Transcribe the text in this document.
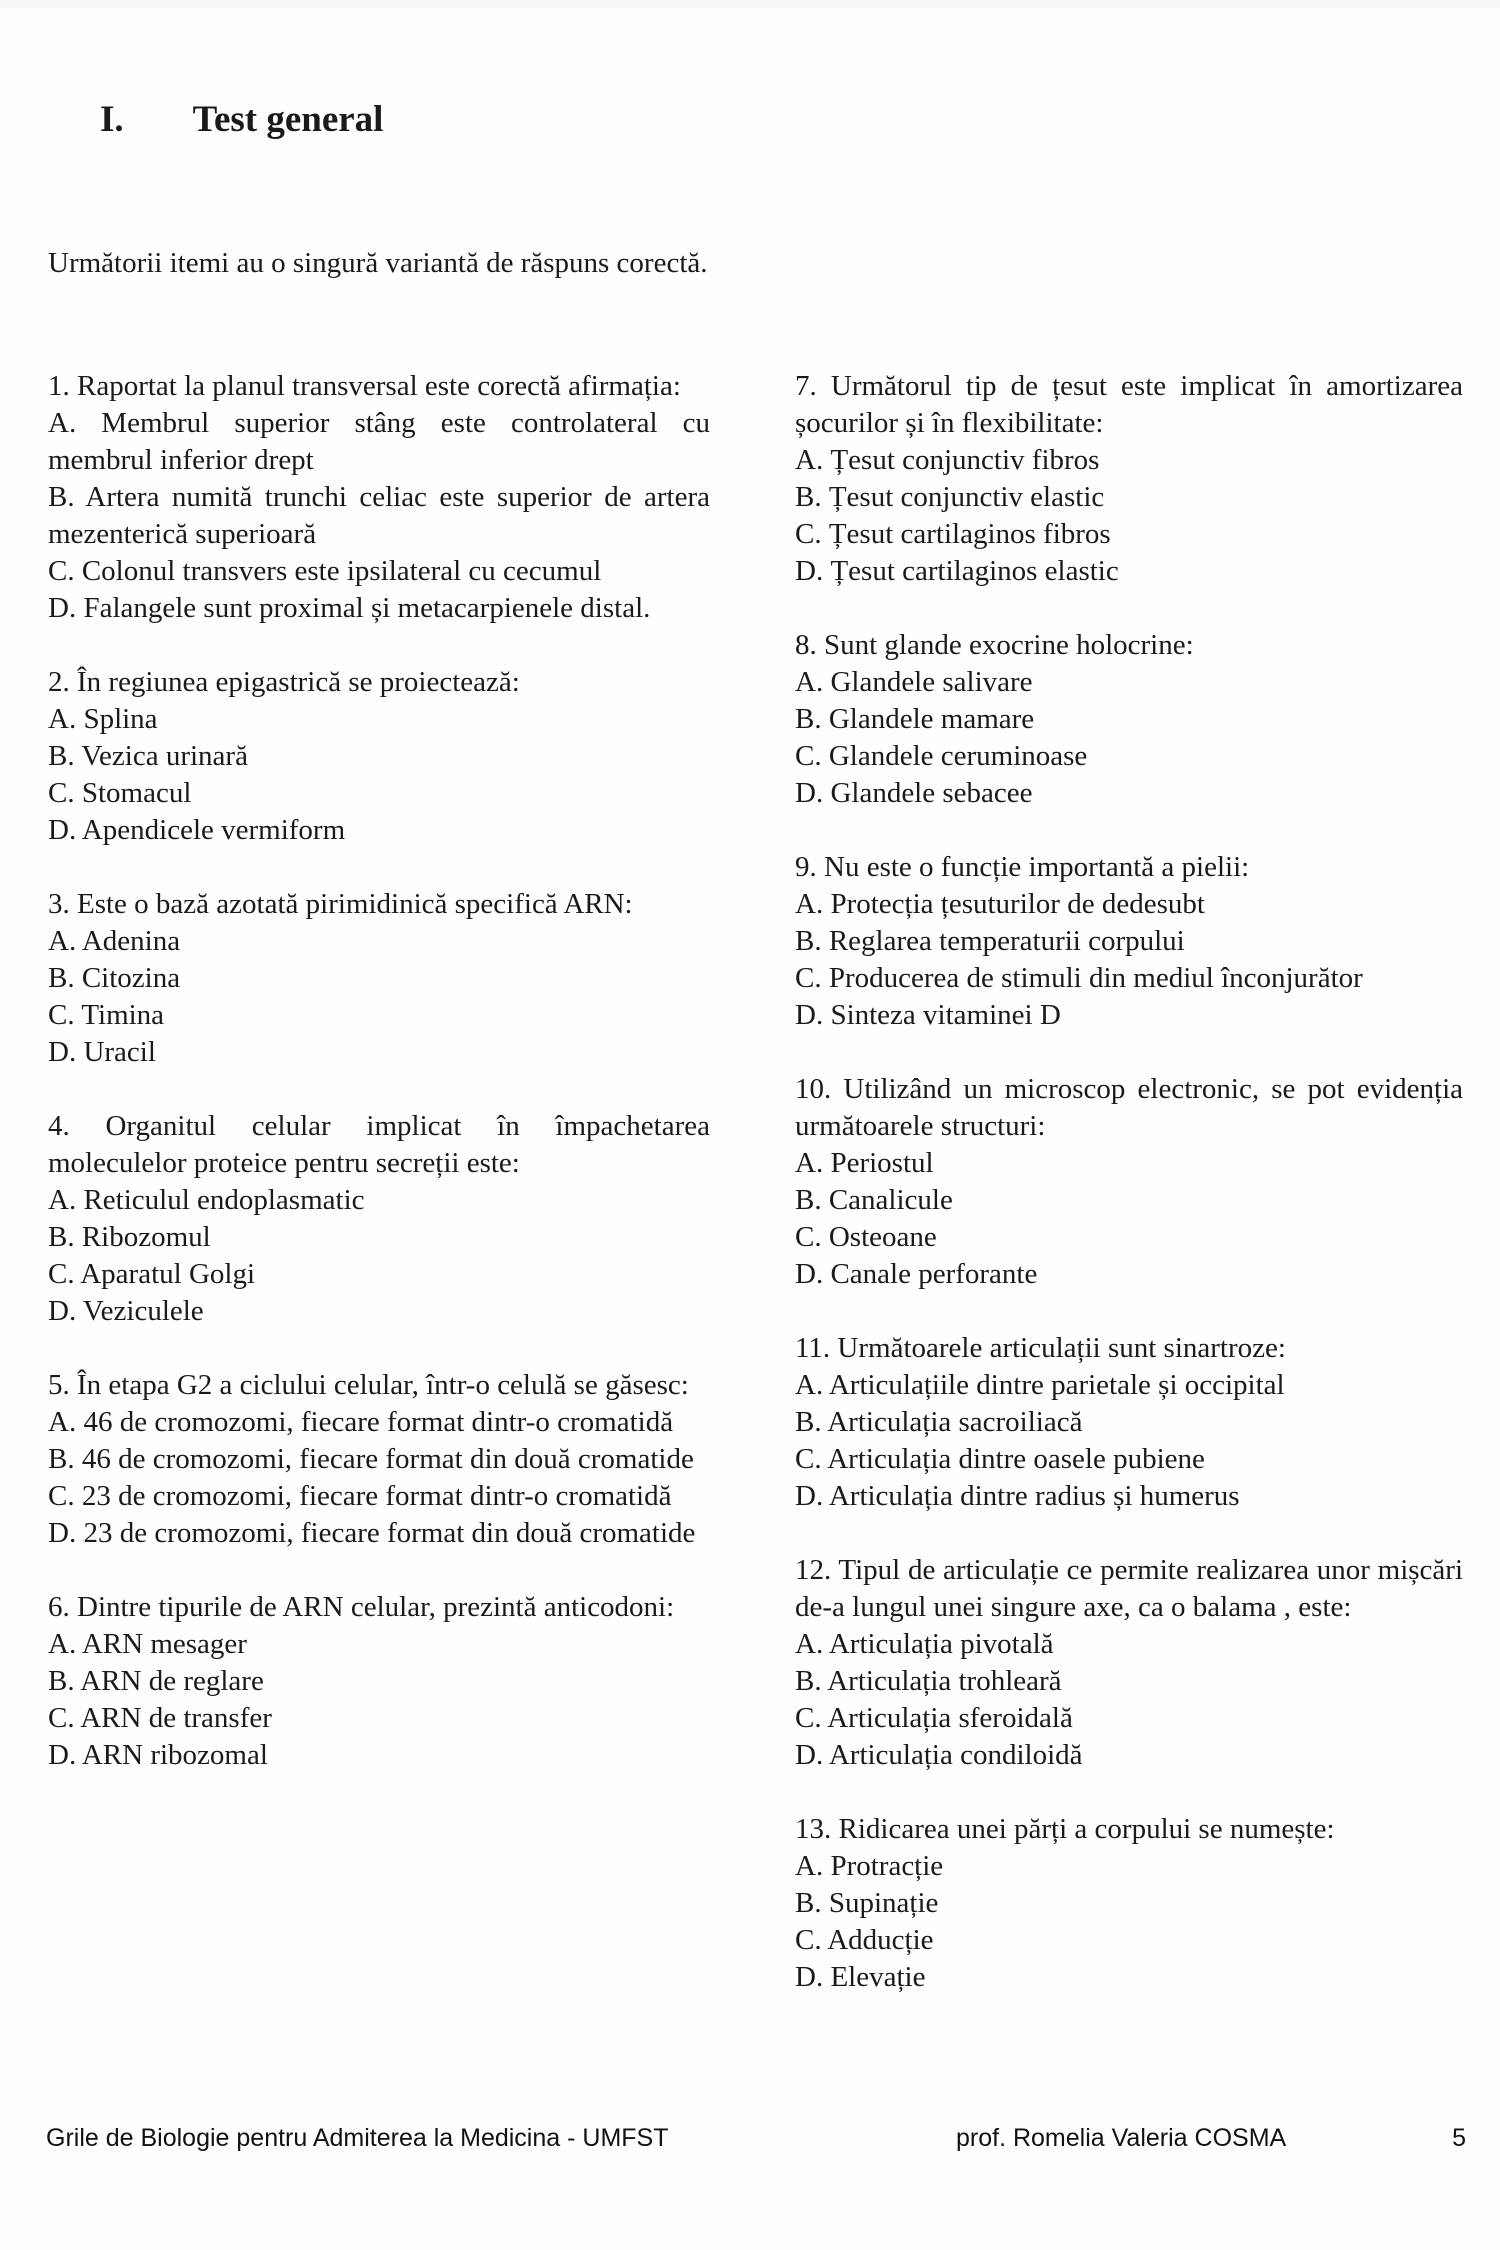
I. Test general
Următorii itemi au o singură variantă de răspuns corectă.

1. Raportat la planul transversal este corectă afirmația:

A. Membrul superior stâng este controlateral cu membrul inferior drept

B. Artera numită trunchi celiac este superior de artera mezenterică superioară

C. Colonul transvers este ipsilateral cu cecumul

D. Falangele sunt proximal și metacarpienele distal.

2. În regiunea epigastrică se proiectează:

A. Splina

B. Vezica urinară

C. Stomacul

D. Apendicele vermiform

3. Este o bază azotată pirimidinică specifică ARN:

A. Adenina

B. Citozina

C. Timina

D. Uracil

4. Organitul celular implicat în împachetarea moleculelor proteice pentru secreții este:

A. Reticulul endoplasmatic

B. Ribozomul

C. Aparatul Golgi

D. Veziculele

5. În etapa G2 a ciclului celular, într-o celulă se găsesc:

A. 46 de cromozomi, fiecare format dintr-o cromatidă

B. 46 de cromozomi, fiecare format din două cromatide

C. 23 de cromozomi, fiecare format dintr-o cromatidă

D. 23 de cromozomi, fiecare format din două cromatide

6. Dintre tipurile de ARN celular, prezintă anticodoni:

A. ARN mesager

B. ARN de reglare

C. ARN de transfer

D. ARN ribozomal

7. Următorul tip de țesut este implicat în amortizarea șocurilor și în flexibilitate:

A. Țesut conjunctiv fibros

B. Țesut conjunctiv elastic

C. Țesut cartilaginos fibros

D. Țesut cartilaginos elastic

8. Sunt glande exocrine holocrine:

A. Glandele salivare

B. Glandele mamare

C. Glandele ceruminoase

D. Glandele sebacee

9. Nu este o funcție importantă a pielii:

A. Protecția țesuturilor de dedesubt

B. Reglarea temperaturii corpului

C. Producerea de stimuli din mediul înconjurător

D. Sinteza vitaminei D

10. Utilizând un microscop electronic, se pot evidenția următoarele structuri:

A. Periostul

B. Canalicule

C. Osteoane

D. Canale perforante

11. Următoarele articulații sunt sinartroze:

A. Articulațiile dintre parietale și occipital

B. Articulația sacroiliacă

C. Articulația dintre oasele pubiene

D. Articulația dintre radius și humerus

12. Tipul de articulație ce permite realizarea unor mișcări de-a lungul unei singure axe, ca o balama , este:

A. Articulația pivotală

B. Articulația trohleară

C. Articulația sferoidală

D. Articulația condiloidă

13. Ridicarea unei părți a corpului se numește:

A. Protracție

B. Supinație

C. Adducție

D. Elevație

Grile de Biologie pentru Admiterea la Medicina - UMFST	prof. Romelia Valeria COSMA	5
